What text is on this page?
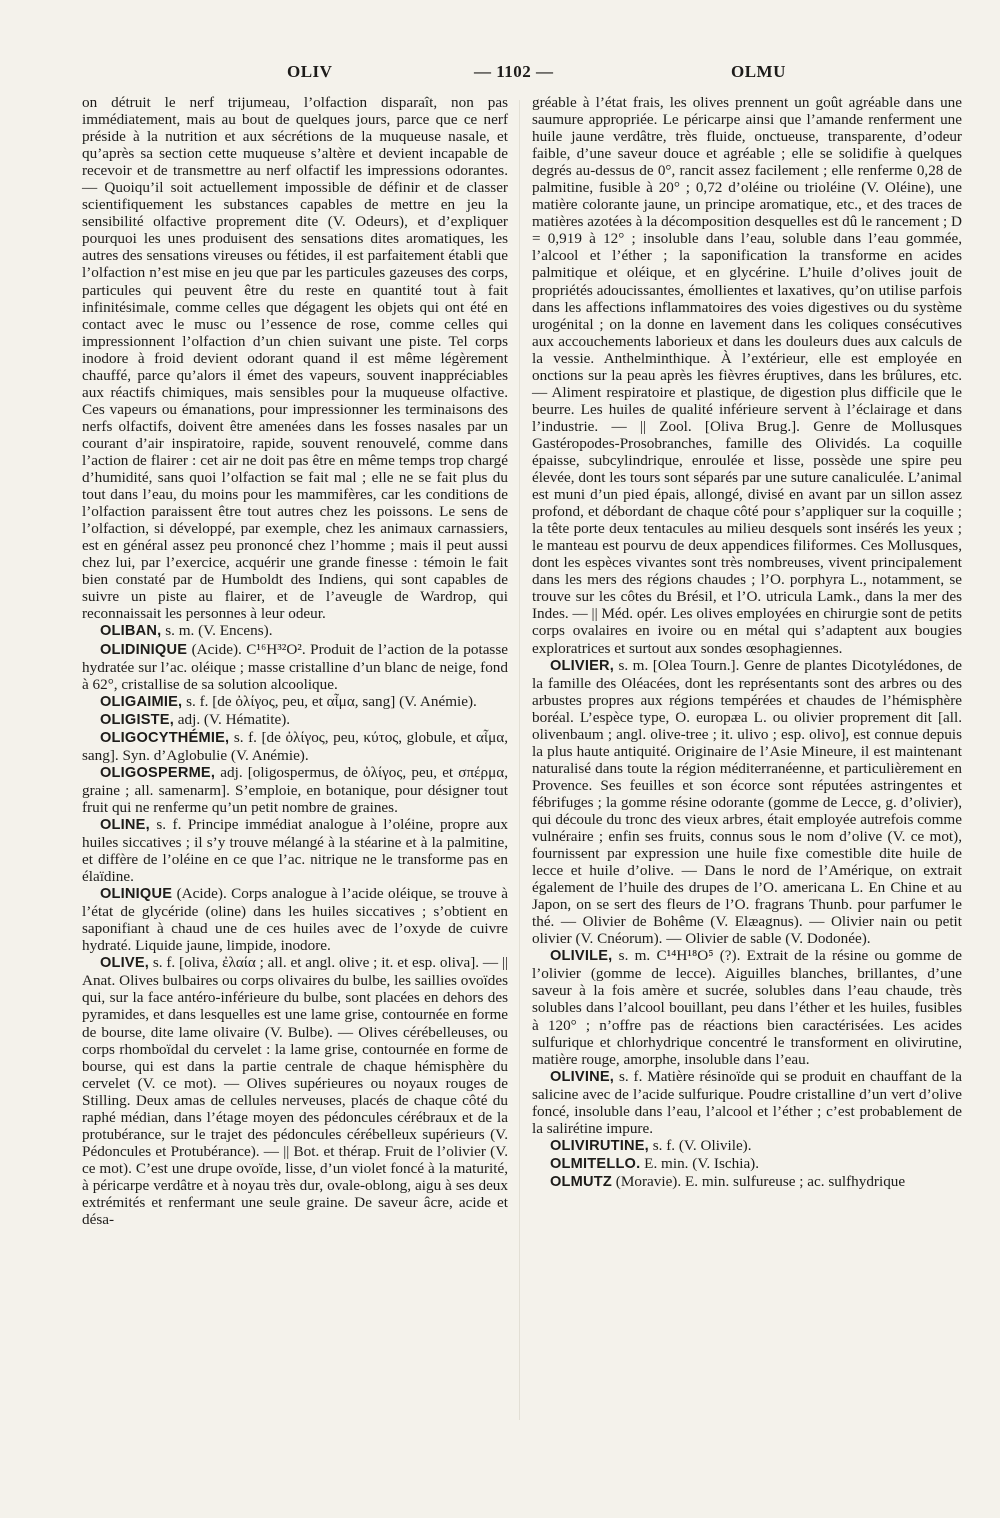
OLIV	— 1102 —	OLMU

on détruit le nerf trijumeau, l’olfaction disparaît, non pas immédiatement, mais au bout de quelques jours, parce que ce nerf préside à la nutrition et aux sécrétions de la muqueuse nasale, et qu’après sa section cette muqueuse s’altère et devient incapable de recevoir et de transmettre au nerf olfactif les impressions odorantes. — Quoiqu’il soit actuellement impossible de définir et de classer scientifiquement les substances capables de mettre en jeu la sensibilité olfactive proprement dite (V. Odeurs), et d’expliquer pourquoi les unes produisent des sensations dites aromatiques, les autres des sensations vireuses ou fétides, il est parfaitement établi que l’olfaction n’est mise en jeu que par les particules gazeuses des corps, particules qui peuvent être du reste en quantité tout à fait infinitésimale, comme celles que dégagent les objets qui ont été en contact avec le musc ou l’essence de rose, comme celles qui impressionnent l’olfaction d’un chien suivant une piste. Tel corps inodore à froid devient odorant quand il est même légèrement chauffé, parce qu’alors il émet des vapeurs, souvent inappréciables aux réactifs chimiques, mais sensibles pour la muqueuse olfactive. Ces vapeurs ou émanations, pour impressionner les terminaisons des nerfs olfactifs, doivent être amenées dans les fosses nasales par un courant d’air inspiratoire, rapide, souvent renouvelé, comme dans l’action de flairer : cet air ne doit pas être en même temps trop chargé d’humidité, sans quoi l’olfaction se fait mal ; elle ne se fait plus du tout dans l’eau, du moins pour les mammifères, car les conditions de l’olfaction paraissent être tout autres chez les poissons. Le sens de l’olfaction, si développé, par exemple, chez les animaux carnassiers, est en général assez peu prononcé chez l’homme ; mais il peut aussi chez lui, par l’exercice, acquérir une grande finesse : témoin le fait bien constaté par de Humboldt des Indiens, qui sont capables de suivre un piste au flairer, et de l’aveugle de Wardrop, qui reconnaissait les personnes à leur odeur.

OLIBAN, s. m. (V. Encens).

OLIDINIQUE (Acide). C¹⁶H³²O². Produit de l’action de la potasse hydratée sur l’ac. oléique ; masse cristalline d’un blanc de neige, fond à 62°, cristallise de sa solution alcoolique.

OLIGAIMIE, s. f. [de ὀλίγος, peu, et αἷμα, sang] (V. Anémie).

OLIGISTE, adj. (V. Hématite).

OLIGOCYTHÉMIE, s. f. [de ὀλίγος, peu, κύτος, globule, et αἷμα, sang]. Syn. d’Aglobulie (V. Anémie).

OLIGOSPERME, adj. [oligospermus, de ὀλίγος, peu, et σπέρμα, graine ; all. samenarm]. S’emploie, en botanique, pour désigner tout fruit qui ne renferme qu’un petit nombre de graines.

OLINE, s. f. Principe immédiat analogue à l’oléine, propre aux huiles siccatives ; il s’y trouve mélangé à la stéarine et à la palmitine, et diffère de l’oléine en ce que l’ac. nitrique ne le transforme pas en élaïdine.

OLINIQUE (Acide). Corps analogue à l’acide oléique, se trouve à l’état de glycéride (oline) dans les huiles siccatives ; s’obtient en saponifiant à chaud une de ces huiles avec de l’oxyde de cuivre hydraté. Liquide jaune, limpide, inodore.

OLIVE, s. f. [oliva, ἐλαία ; all. et angl. olive ; it. et esp. oliva]. — || Anat. Olives bulbaires ou corps olivaires du bulbe, les saillies ovoïdes qui, sur la face antéro-inférieure du bulbe, sont placées en dehors des pyramides, et dans lesquelles est une lame grise, contournée en forme de bourse, dite lame olivaire (V. Bulbe). — Olives cérébelleuses, ou corps rhomboïdal du cervelet : la lame grise, contournée en forme de bourse, qui est dans la partie centrale de chaque hémisphère du cervelet (V. ce mot). — Olives supérieures ou noyaux rouges de Stilling. Deux amas de cellules nerveuses, placés de chaque côté du raphé médian, dans l’étage moyen des pédoncules cérébraux et de la protubérance, sur le trajet des pédoncules cérébelleux supérieurs (V. Pédoncules et Protubérance). — || Bot. et thérap. Fruit de l’olivier (V. ce mot). C’est une drupe ovoïde, lisse, d’un violet foncé à la maturité, à péricarpe verdâtre et à noyau très dur, ovale-oblong, aigu à ses deux extrémités et renfermant une seule graine. De saveur âcre, acide et désa-

gréable à l’état frais, les olives prennent un goût agréable dans une saumure appropriée. Le péricarpe ainsi que l’amande renferment une huile jaune verdâtre, très fluide, onctueuse, transparente, d’odeur faible, d’une saveur douce et agréable ; elle se solidifie à quelques degrés au-dessus de 0°, rancit assez facilement ; elle renferme 0,28 de palmitine, fusible à 20° ; 0,72 d’oléine ou trioléine (V. Oléine), une matière colorante jaune, un principe aromatique, etc., et des traces de matières azotées à la décomposition desquelles est dû le rancement ; D = 0,919 à 12° ; insoluble dans l’eau, soluble dans l’eau gommée, l’alcool et l’éther ; la saponification la transforme en acides palmitique et oléique, et en glycérine. L’huile d’olives jouit de propriétés adoucissantes, émollientes et laxatives, qu’on utilise parfois dans les affections inflammatoires des voies digestives ou du système urogénital ; on la donne en lavement dans les coliques consécutives aux accouchements laborieux et dans les douleurs dues aux calculs de la vessie. Anthelminthique. À l’extérieur, elle est employée en onctions sur la peau après les fièvres éruptives, dans les brûlures, etc. — Aliment respiratoire et plastique, de digestion plus difficile que le beurre. Les huiles de qualité inférieure servent à l’éclairage et dans l’industrie. — || Zool. [Oliva Brug.]. Genre de Mollusques Gastéropodes-Prosobranches, famille des Olividés. La coquille épaisse, subcylindrique, enroulée et lisse, possède une spire peu élevée, dont les tours sont séparés par une suture canaliculée. L’animal est muni d’un pied épais, allongé, divisé en avant par un sillon assez profond, et débordant de chaque côté pour s’appliquer sur la coquille ; la tête porte deux tentacules au milieu desquels sont insérés les yeux ; le manteau est pourvu de deux appendices filiformes. Ces Mollusques, dont les espèces vivantes sont très nombreuses, vivent principalement dans les mers des régions chaudes ; l’O. porphyra L., notamment, se trouve sur les côtes du Brésil, et l’O. utricula Lamk., dans la mer des Indes. — || Méd. opér. Les olives employées en chirurgie sont de petits corps ovalaires en ivoire ou en métal qui s’adaptent aux bougies exploratrices et surtout aux sondes œsophagiennes.

OLIVIER, s. m. [Olea Tourn.]. Genre de plantes Dicotylédones, de la famille des Oléacées, dont les représentants sont des arbres ou des arbustes propres aux régions tempérées et chaudes de l’hémisphère boréal. L’espèce type, O. europæa L. ou olivier proprement dit [all. olivenbaum ; angl. olive-tree ; it. ulivo ; esp. olivo], est connue depuis la plus haute antiquité. Originaire de l’Asie Mineure, il est maintenant naturalisé dans toute la région méditerranéenne, et particulièrement en Provence. Ses feuilles et son écorce sont réputées astringentes et fébrifuges ; la gomme résine odorante (gomme de Lecce, g. d’olivier), qui découle du tronc des vieux arbres, était employée autrefois comme vulnéraire ; enfin ses fruits, connus sous le nom d’olive (V. ce mot), fournissent par expression une huile fixe comestible dite huile de lecce et huile d’olive. — Dans le nord de l’Amérique, on extrait également de l’huile des drupes de l’O. americana L. En Chine et au Japon, on se sert des fleurs de l’O. fragrans Thunb. pour parfumer le thé. — Olivier de Bohême (V. Elæagnus). — Olivier nain ou petit olivier (V. Cnéorum). — Olivier de sable (V. Dodonée).

OLIVILE, s. m. C¹⁴H¹⁸O⁵ (?). Extrait de la résine ou gomme de l’olivier (gomme de lecce). Aiguilles blanches, brillantes, d’une saveur à la fois amère et sucrée, solubles dans l’eau chaude, très solubles dans l’alcool bouillant, peu dans l’éther et les huiles, fusibles à 120° ; n’offre pas de réactions bien caractérisées. Les acides sulfurique et chlorhydrique concentré le transforment en olivirutine, matière rouge, amorphe, insoluble dans l’eau.

OLIVINE, s. f. Matière résinoïde qui se produit en chauffant de la salicine avec de l’acide sulfurique. Poudre cristalline d’un vert d’olive foncé, insoluble dans l’eau, l’alcool et l’éther ; c’est probablement de la salirétine impure.

OLIVIRUTINE, s. f. (V. Olivile).

OLMITELLO. E. min. (V. Ischia).

OLMUTZ (Moravie). E. min. sulfureuse ; ac. sulfhydrique
